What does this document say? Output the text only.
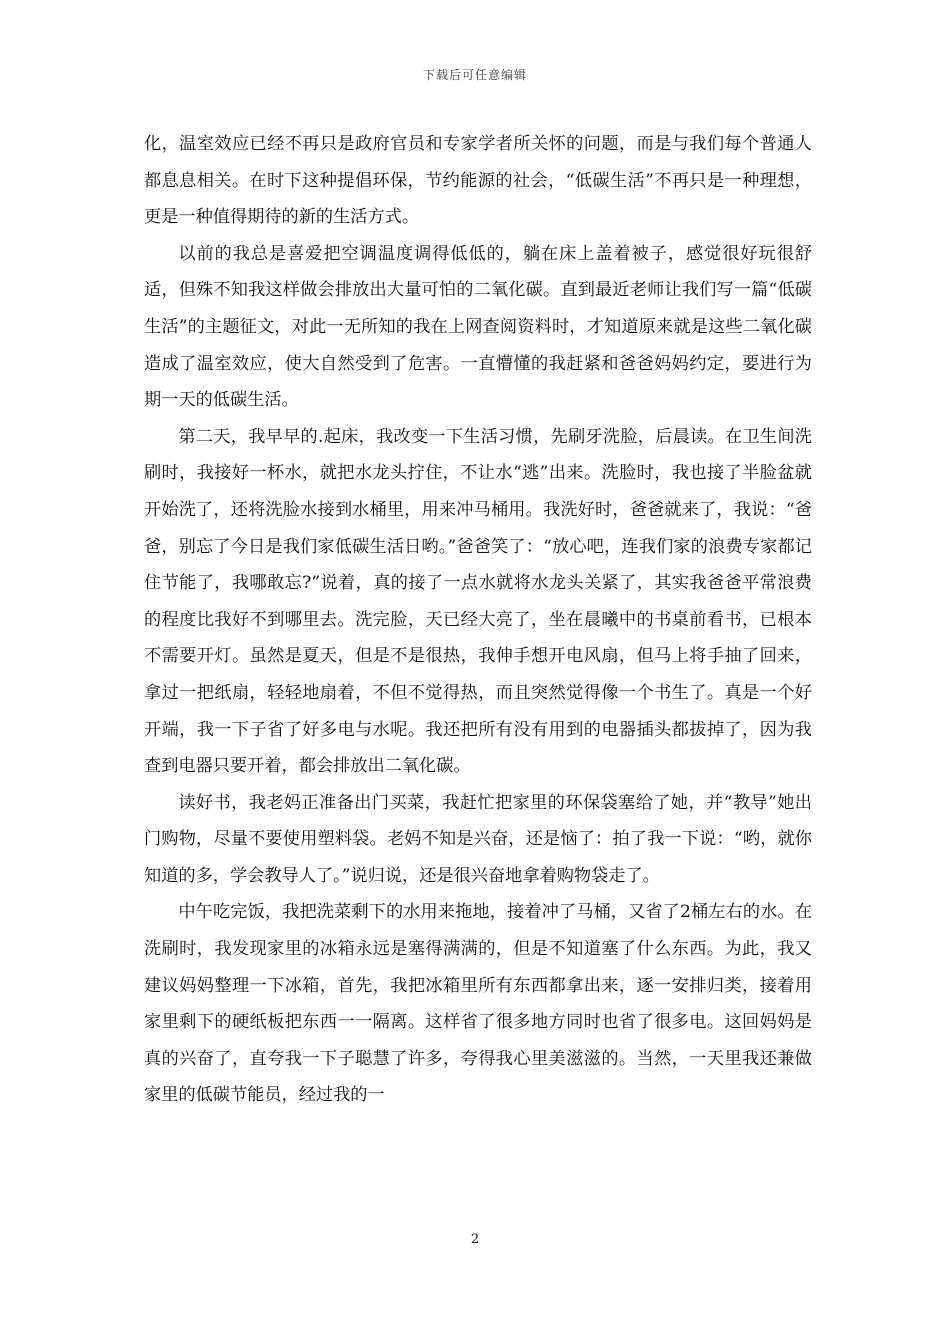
下载后可任意编辑

化，温室效应已经不再只是政府官员和专家学者所关怀的问题，而是与我们每个普通人都息息相关。在时下这种提倡环保，节约能源的社会，“低碳生活”不再只是一种理想，更是一种值得期待的新的生活方式。

以前的我总是喜爱把空调温度调得低低的，躺在床上盖着被子，感觉很好玩很舒适，但殊不知我这样做会排放出大量可怕的二氧化碳。直到最近老师让我们写一篇“低碳生活”的主题征文，对此一无所知的我在上网查阅资料时，才知道原来就是这些二氧化碳造成了温室效应，使大自然受到了危害。一直懵懂的我赶紧和爸爸妈妈约定，要进行为期一天的低碳生活。

第二天，我早早的.起床，我改变一下生活习惯，先刷牙洗脸，后晨读。在卫生间洗刷时，我接好一杯水，就把水龙头拧住，不让水“逃”出来。洗脸时，我也接了半脸盆就开始洗了，还将洗脸水接到水桶里，用来冲马桶用。我洗好时，爸爸就来了，我说：“爸爸，别忘了今日是我们家低碳生活日哟。”爸爸笑了：“放心吧，连我们家的浪费专家都记住节能了，我哪敢忘?”说着，真的接了一点水就将水龙头关紧了，其实我爸爸平常浪费的程度比我好不到哪里去。洗完脸，天已经大亮了，坐在晨曦中的书桌前看书，已根本不需要开灯。虽然是夏天，但是不是很热，我伸手想开电风扇，但马上将手抽了回来，拿过一把纸扇，轻轻地扇着，不但不觉得热，而且突然觉得像一个书生了。真是一个好开端，我一下子省了好多电与水呢。我还把所有没有用到的电器插头都拔掉了，因为我查到电器只要开着，都会排放出二氧化碳。

读好书，我老妈正准备出门买菜，我赶忙把家里的环保袋塞给了她，并“教导”她出门购物，尽量不要使用塑料袋。老妈不知是兴奋，还是恼了：拍了我一下说：“哟，就你知道的多，学会教导人了。”说归说，还是很兴奋地拿着购物袋走了。

中午吃完饭，我把洗菜剩下的水用来拖地，接着冲了马桶，又省了2桶左右的水。在洗刷时，我发现家里的冰箱永远是塞得满满的，但是不知道塞了什么东西。为此，我又建议妈妈整理一下冰箱，首先，我把冰箱里所有东西都拿出来，逐一安排归类，接着用家里剩下的硬纸板把东西一一隔离。这样省了很多地方同时也省了很多电。这回妈妈是真的兴奋了，直夸我一下子聪慧了许多，夸得我心里美滋滋的。当然，一天里我还兼做家里的低碳节能员，经过我的一

2
